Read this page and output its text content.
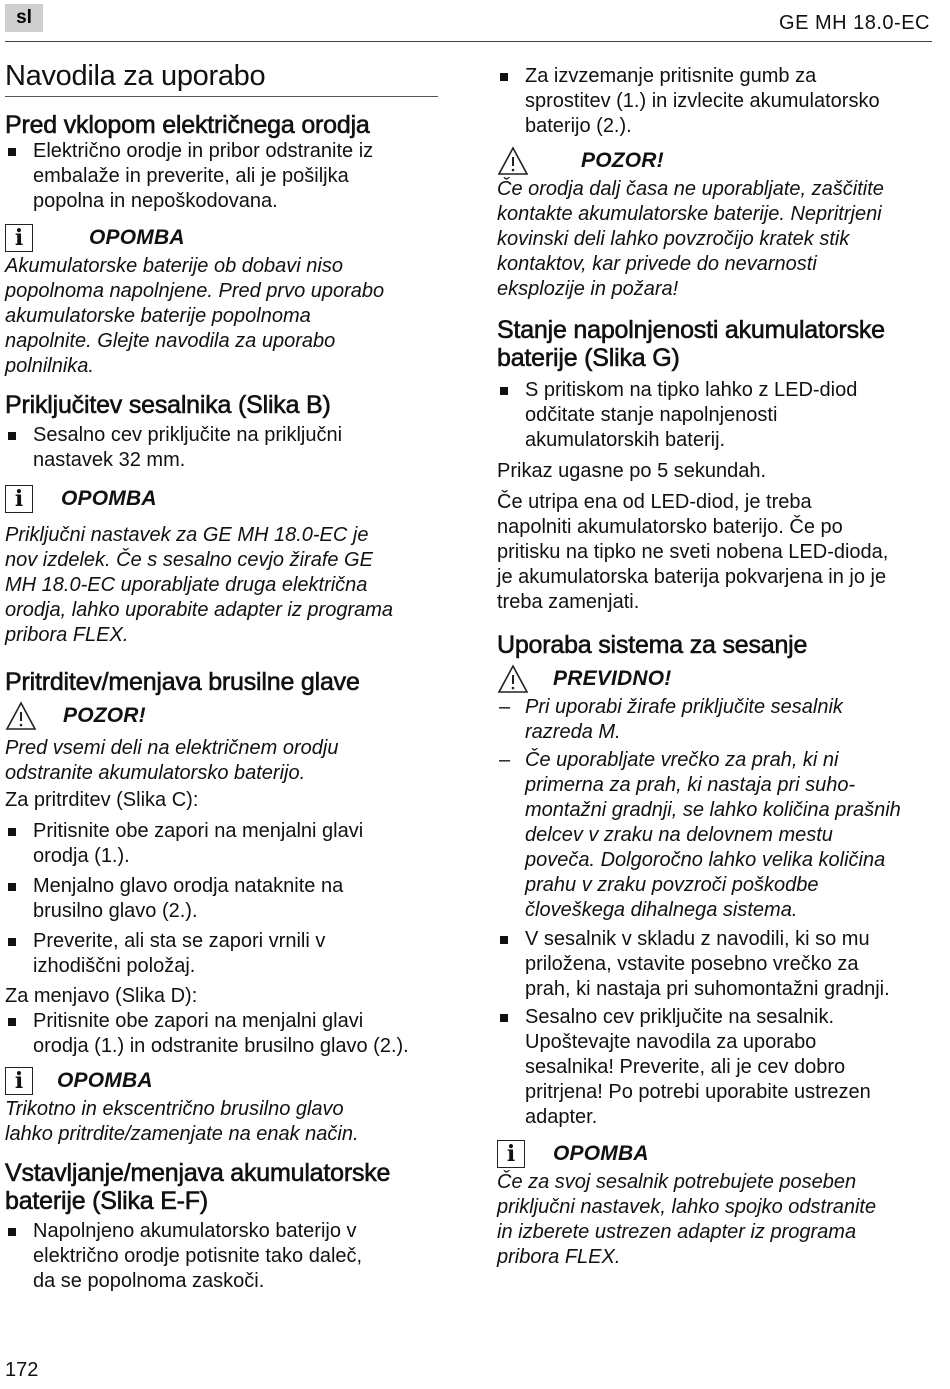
sl	GE MH 18.0-EC
Navodila za uporabo
Pred vklopom električnega orodja
Električno orodje in pribor odstranite iz
embalaže in preverite, ali je pošiljka
popolna in nepoškodovana.
i	OPOMBA

Akumulatorske baterije ob dobavi niso
popolnoma napolnjene. Pred prvo uporabo
akumulatorske baterije popolnoma
napolnite. Glejte navodila za uporabo
polnilnika.

Priključitev sesalnika (Slika B)
Sesalno cev priključite na priključni
nastavek 32 mm.
i	OPOMBA

Priključni nastavek za GE MH 18.0-EC je
nov izdelek. Če s sesalno cevjo žirafe GE
MH 18.0-EC uporabljate druga električna
orodja, lahko uporabite adapter iz programa
pribora FLEX.

Pritrditev/menjava brusilne glave
POZOR!

Pred vsemi deli na električnem orodju
odstranite akumulatorsko baterijo.

Za pritrditev (Slika C):

Pritisnite obe zapori na menjalni glavi
orodja (1.).
Menjalno glavo orodja nataknite na
brusilno glavo (2.).
Preverite, ali sta se zapori vrnili v
izhodiščni položaj.

Za menjavo (Slika D):

Pritisnite obe zapori na menjalni glavi
orodja (1.) in odstranite brusilno glavo (2.).
i	OPOMBA

Trikotno in ekscentrično brusilno glavo
lahko pritrdite/zamenjate na enak način.

Vstavljanje/menjava akumulatorske
baterije (Slika E-F)
Napolnjeno akumulatorsko baterijo v
električno orodje potisnite tako daleč,
da se popolnoma zaskoči.
Za izvzemanje pritisnite gumb za
sprostitev (1.) in izvlecite akumulatorsko
baterijo (2.).
POZOR!

Če orodja dalj časa ne uporabljate, zaščitite
kontakte akumulatorske baterije. Nepritrjeni
kovinski deli lahko povzročijo kratek stik
kontaktov, kar privede do nevarnosti
eksplozije in požara!

Stanje napolnjenosti akumulatorske
baterije (Slika G)
S pritiskom na tipko lahko z LED-diod
odčitate stanje napolnjenosti
akumulatorskih baterij.

Prikaz ugasne po 5 sekundah.

Če utripa ena od LED-diod, je treba
napolniti akumulatorsko baterijo. Če po
pritisku na tipko ne sveti nobena LED-dioda,
je akumulatorska baterija pokvarjena in jo je
treba zamenjati.

Uporaba sistema za sesanje
PREVIDNO!
– Pri uporabi žirafe priključite sesalnik
razreda M.
– Če uporabljate vrečko za prah, ki ni
primerna za prah, ki nastaja pri suho-
montažni gradnji, se lahko količina prašnih
delcev v zraku na delovnem mestu
poveča. Dolgoročno lahko velika količina
prahu v zraku povzroči poškodbe
človeškega dihalnega sistema.
V sesalnik v skladu z navodili, ki so mu
priložena, vstavite posebno vrečko za
prah, ki nastaja pri suhomontažni gradnji.
Sesalno cev priključite na sesalnik.
Upoštevajte navodila za uporabo
sesalnika! Preverite, ali je cev dobro
pritrjena! Po potrebi uporabite ustrezen
adapter.
i	OPOMBA

Če za svoj sesalnik potrebujete poseben
priključni nastavek, lahko spojko odstranite
in izberete ustrezen adapter iz programa
pribora FLEX.

172
